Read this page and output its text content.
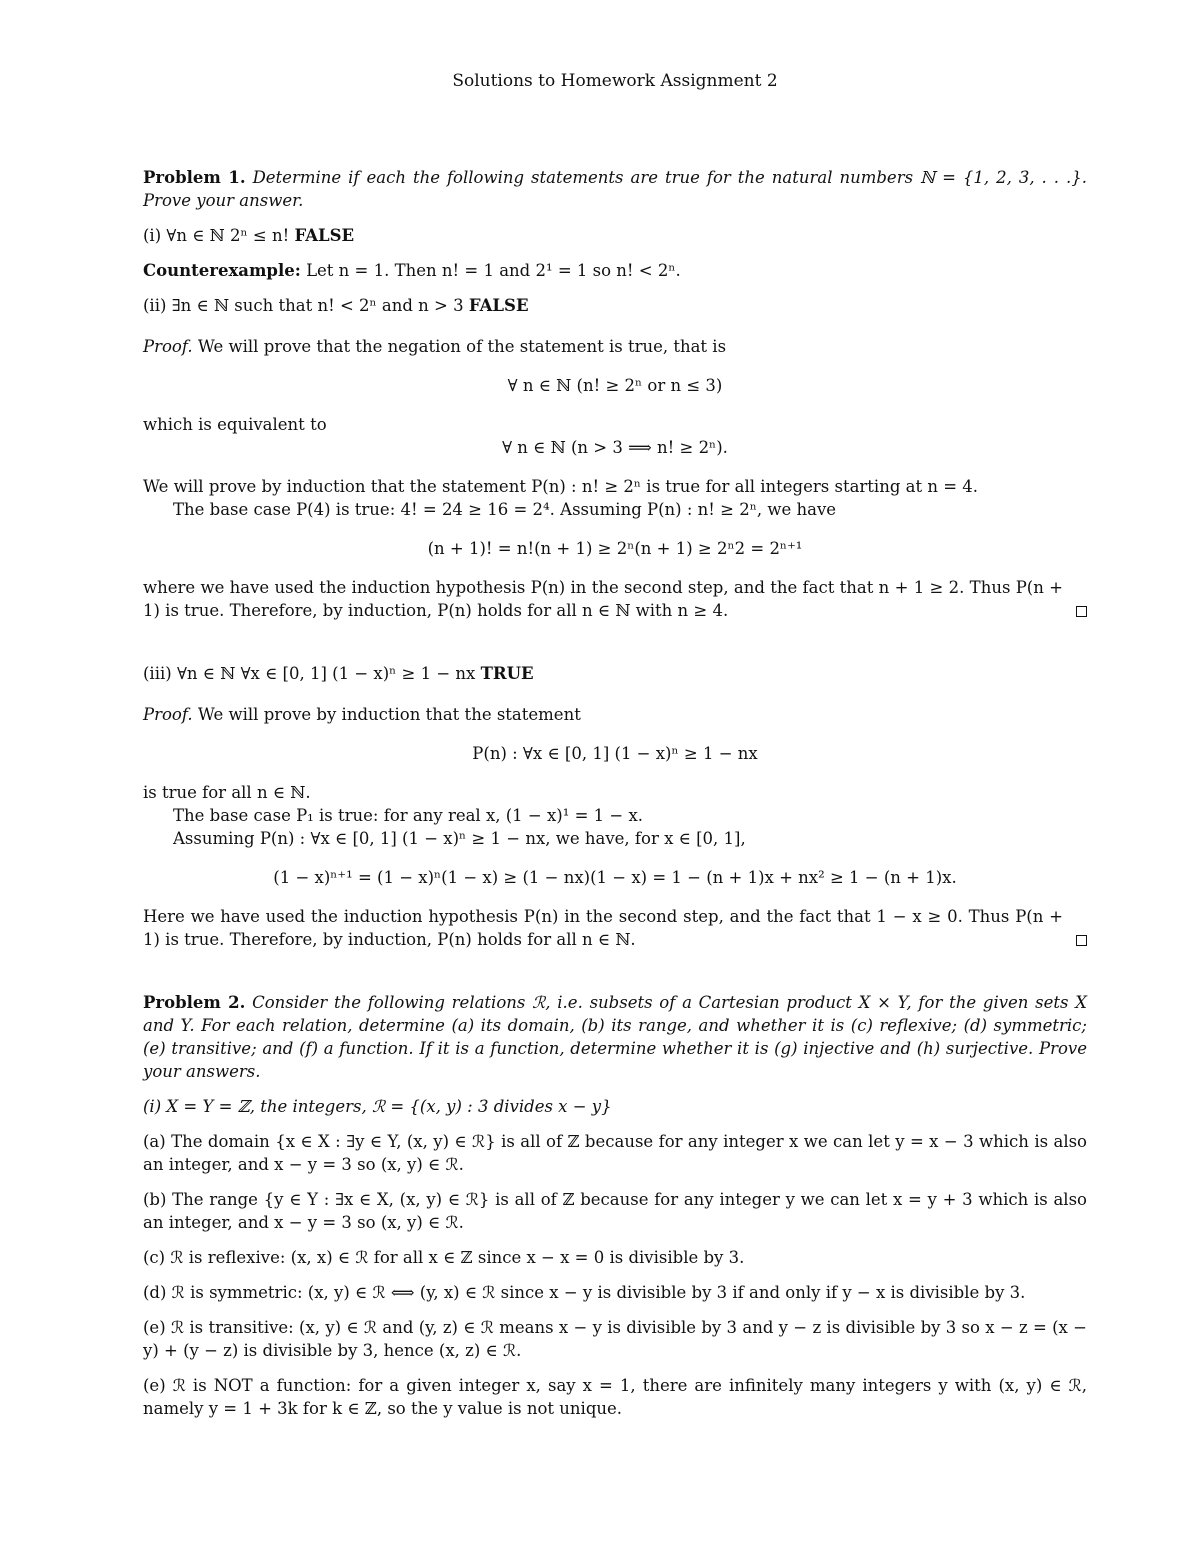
Solutions to Homework Assignment 2

Problem 1. Determine if each the following statements are true for the natural numbers ℕ = {1, 2, 3, . . .}. Prove your answer.

(i) ∀n ∈ ℕ 2ⁿ ≤ n! FALSE

Counterexample: Let n = 1. Then n! = 1 and 2¹ = 1 so n! < 2ⁿ.

(ii) ∃n ∈ ℕ such that n! < 2ⁿ and n > 3 FALSE

Proof. We will prove that the negation of the statement is true, that is

∀ n ∈ ℕ (n! ≥ 2ⁿ or n ≤ 3)

which is equivalent to

∀ n ∈ ℕ (n > 3 ⟹ n! ≥ 2ⁿ).

We will prove by induction that the statement P(n) : n! ≥ 2ⁿ is true for all integers starting at n = 4.

The base case P(4) is true: 4! = 24 ≥ 16 = 2⁴. Assuming P(n) : n! ≥ 2ⁿ, we have

(n + 1)! = n!(n + 1) ≥ 2ⁿ(n + 1) ≥ 2ⁿ2 = 2ⁿ⁺¹

where we have used the induction hypothesis P(n) in the second step, and the fact that n + 1 ≥ 2. Thus P(n + 1) is true. Therefore, by induction, P(n) holds for all n ∈ ℕ with n ≥ 4.

(iii) ∀n ∈ ℕ ∀x ∈ [0, 1] (1 − x)ⁿ ≥ 1 − nx TRUE

Proof. We will prove by induction that the statement

P(n) : ∀x ∈ [0, 1] (1 − x)ⁿ ≥ 1 − nx

is true for all n ∈ ℕ.

The base case P₁ is true: for any real x, (1 − x)¹ = 1 − x.

Assuming P(n) : ∀x ∈ [0, 1] (1 − x)ⁿ ≥ 1 − nx, we have, for x ∈ [0, 1],

(1 − x)ⁿ⁺¹ = (1 − x)ⁿ(1 − x) ≥ (1 − nx)(1 − x) = 1 − (n + 1)x + nx² ≥ 1 − (n + 1)x.

Here we have used the induction hypothesis P(n) in the second step, and the fact that 1 − x ≥ 0. Thus P(n + 1) is true. Therefore, by induction, P(n) holds for all n ∈ ℕ.

Problem 2. Consider the following relations ℛ, i.e. subsets of a Cartesian product X × Y, for the given sets X and Y. For each relation, determine (a) its domain, (b) its range, and whether it is (c) reflexive; (d) symmetric; (e) transitive; and (f) a function. If it is a function, determine whether it is (g) injective and (h) surjective. Prove your answers.

(i) X = Y = ℤ, the integers, ℛ = {(x, y) : 3 divides x − y}

(a) The domain {x ∈ X : ∃y ∈ Y, (x, y) ∈ ℛ} is all of ℤ because for any integer x we can let y = x − 3 which is also an integer, and x − y = 3 so (x, y) ∈ ℛ.

(b) The range {y ∈ Y : ∃x ∈ X, (x, y) ∈ ℛ} is all of ℤ because for any integer y we can let x = y + 3 which is also an integer, and x − y = 3 so (x, y) ∈ ℛ.

(c) ℛ is reflexive: (x, x) ∈ ℛ for all x ∈ ℤ since x − x = 0 is divisible by 3.

(d) ℛ is symmetric: (x, y) ∈ ℛ ⟺ (y, x) ∈ ℛ since x − y is divisible by 3 if and only if y − x is divisible by 3.

(e) ℛ is transitive: (x, y) ∈ ℛ and (y, z) ∈ ℛ means x − y is divisible by 3 and y − z is divisible by 3 so x − z = (x − y) + (y − z) is divisible by 3, hence (x, z) ∈ ℛ.

(e) ℛ is NOT a function: for a given integer x, say x = 1, there are infinitely many integers y with (x, y) ∈ ℛ, namely y = 1 + 3k for k ∈ ℤ, so the y value is not unique.
